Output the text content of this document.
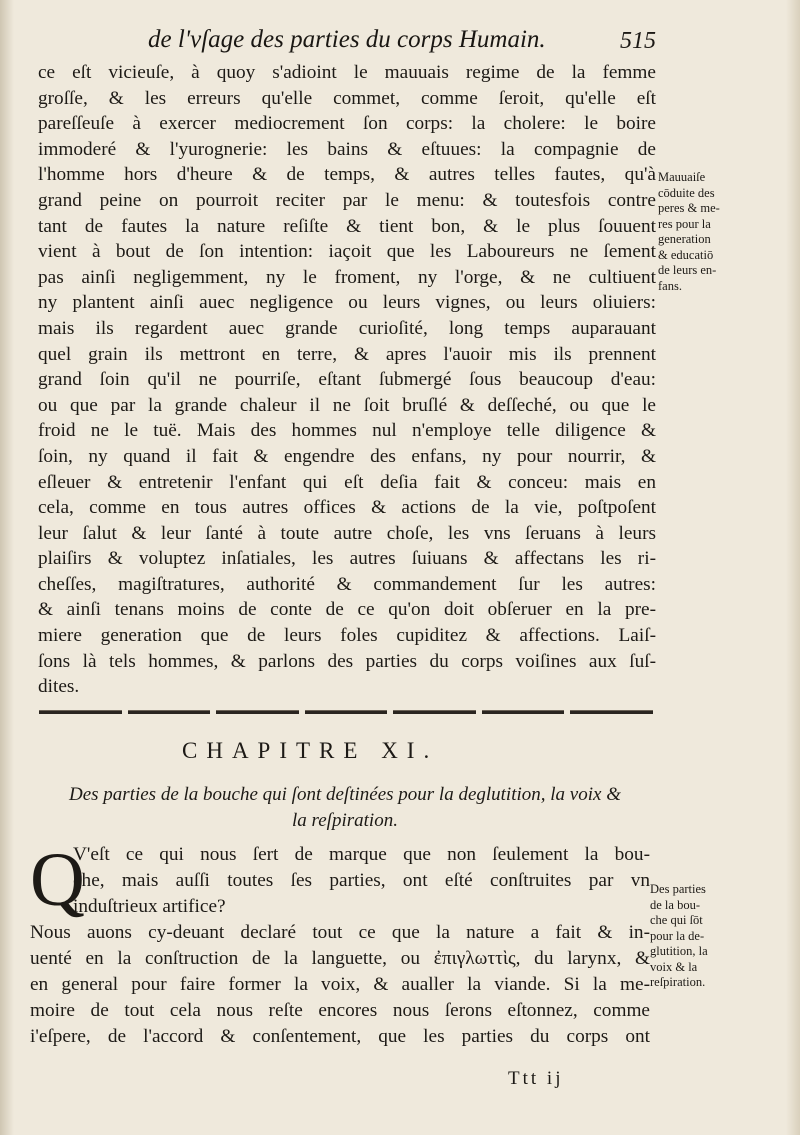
de l'vſage des parties du corps Humain.	515
ce eſt vicieuſe, à quoy s'adioint le mauuais regime de la femme
groſſe, & les erreurs qu'elle commet, comme ſeroit, qu'elle eſt
pareſſeuſe à exercer mediocrement ſon corps: la cholere: le boire
immoderé & l'yurognerie: les bains & eſtuues: la compagnie de
l'homme hors d'heure & de temps, & autres telles fautes, qu'à
grand peine on pourroit reciter par le menu: & toutesfois contre
tant de fautes la nature reſiſte & tient bon, & le plus ſouuent
vient à bout de ſon intention: iaçoit que les Laboureurs ne ſement
pas ainſi negligemment, ny le froment, ny l'orge, & ne cultiuent
ny plantent ainſi auec negligence ou leurs vignes, ou leurs oliuiers:
mais ils regardent auec grande curioſité, long temps auparauant
quel grain ils mettront en terre, & apres l'auoir mis ils prennent
grand ſoin qu'il ne pourriſe, eſtant ſubmergé ſous beaucoup d'eau:
ou que par la grande chaleur il ne ſoit bruſlé & deſſeché, ou que le
froid ne le tuë. Mais des hommes nul n'employe telle diligence &
ſoin, ny quand il fait & engendre des enfans, ny pour nourrir, &
eſleuer & entretenir l'enfant qui eſt deſia fait & conceu: mais en
cela, comme en tous autres offices & actions de la vie, poſtpoſent
leur ſalut & leur ſanté à toute autre choſe, les vns ſeruans à leurs
plaiſirs & voluptez inſatiales, les autres ſuiuans & affectans les ri-
cheſſes, magiſtratures, authorité & commandement ſur les autres:
& ainſi tenans moins de conte de ce qu'on doit obſeruer en la pre-
miere generation que de leurs foles cupiditez & affections. Laiſ-
ſons là tels hommes, & parlons des parties du corps voiſines aux ſuſ-
dites.
Mauuaiſe
cōduite des
peres & me-
res pour la
generation
& educatiō
de leurs en-
fans.
CHAPITRE XI.
Des parties de la bouche qui ſont deſtinées pour la deglutition, la voix &
la reſpiration.
Q
V'eſt ce qui nous ſert de marque que non ſeulement la bou-
che, mais auſſi toutes ſes parties, ont eſté conſtruites par vn
induſtrieux artifice?
Nous auons cy-deuant declaré tout ce que la nature a fait & in-
uenté en la conſtruction de la languette, ou ἐπιγλωττὶς, du larynx, &
en general pour faire former la voix, & aualler la viande. Si la me-
moire de tout cela nous reſte encores nous ſerons eſtonnez, comme
i'eſpere, de l'accord & conſentement, que les parties du corps ont
Des parties
de la bou-
che qui ſōt
pour la de-
glutition, la
voix & la
reſpiration.
Ttt ij
